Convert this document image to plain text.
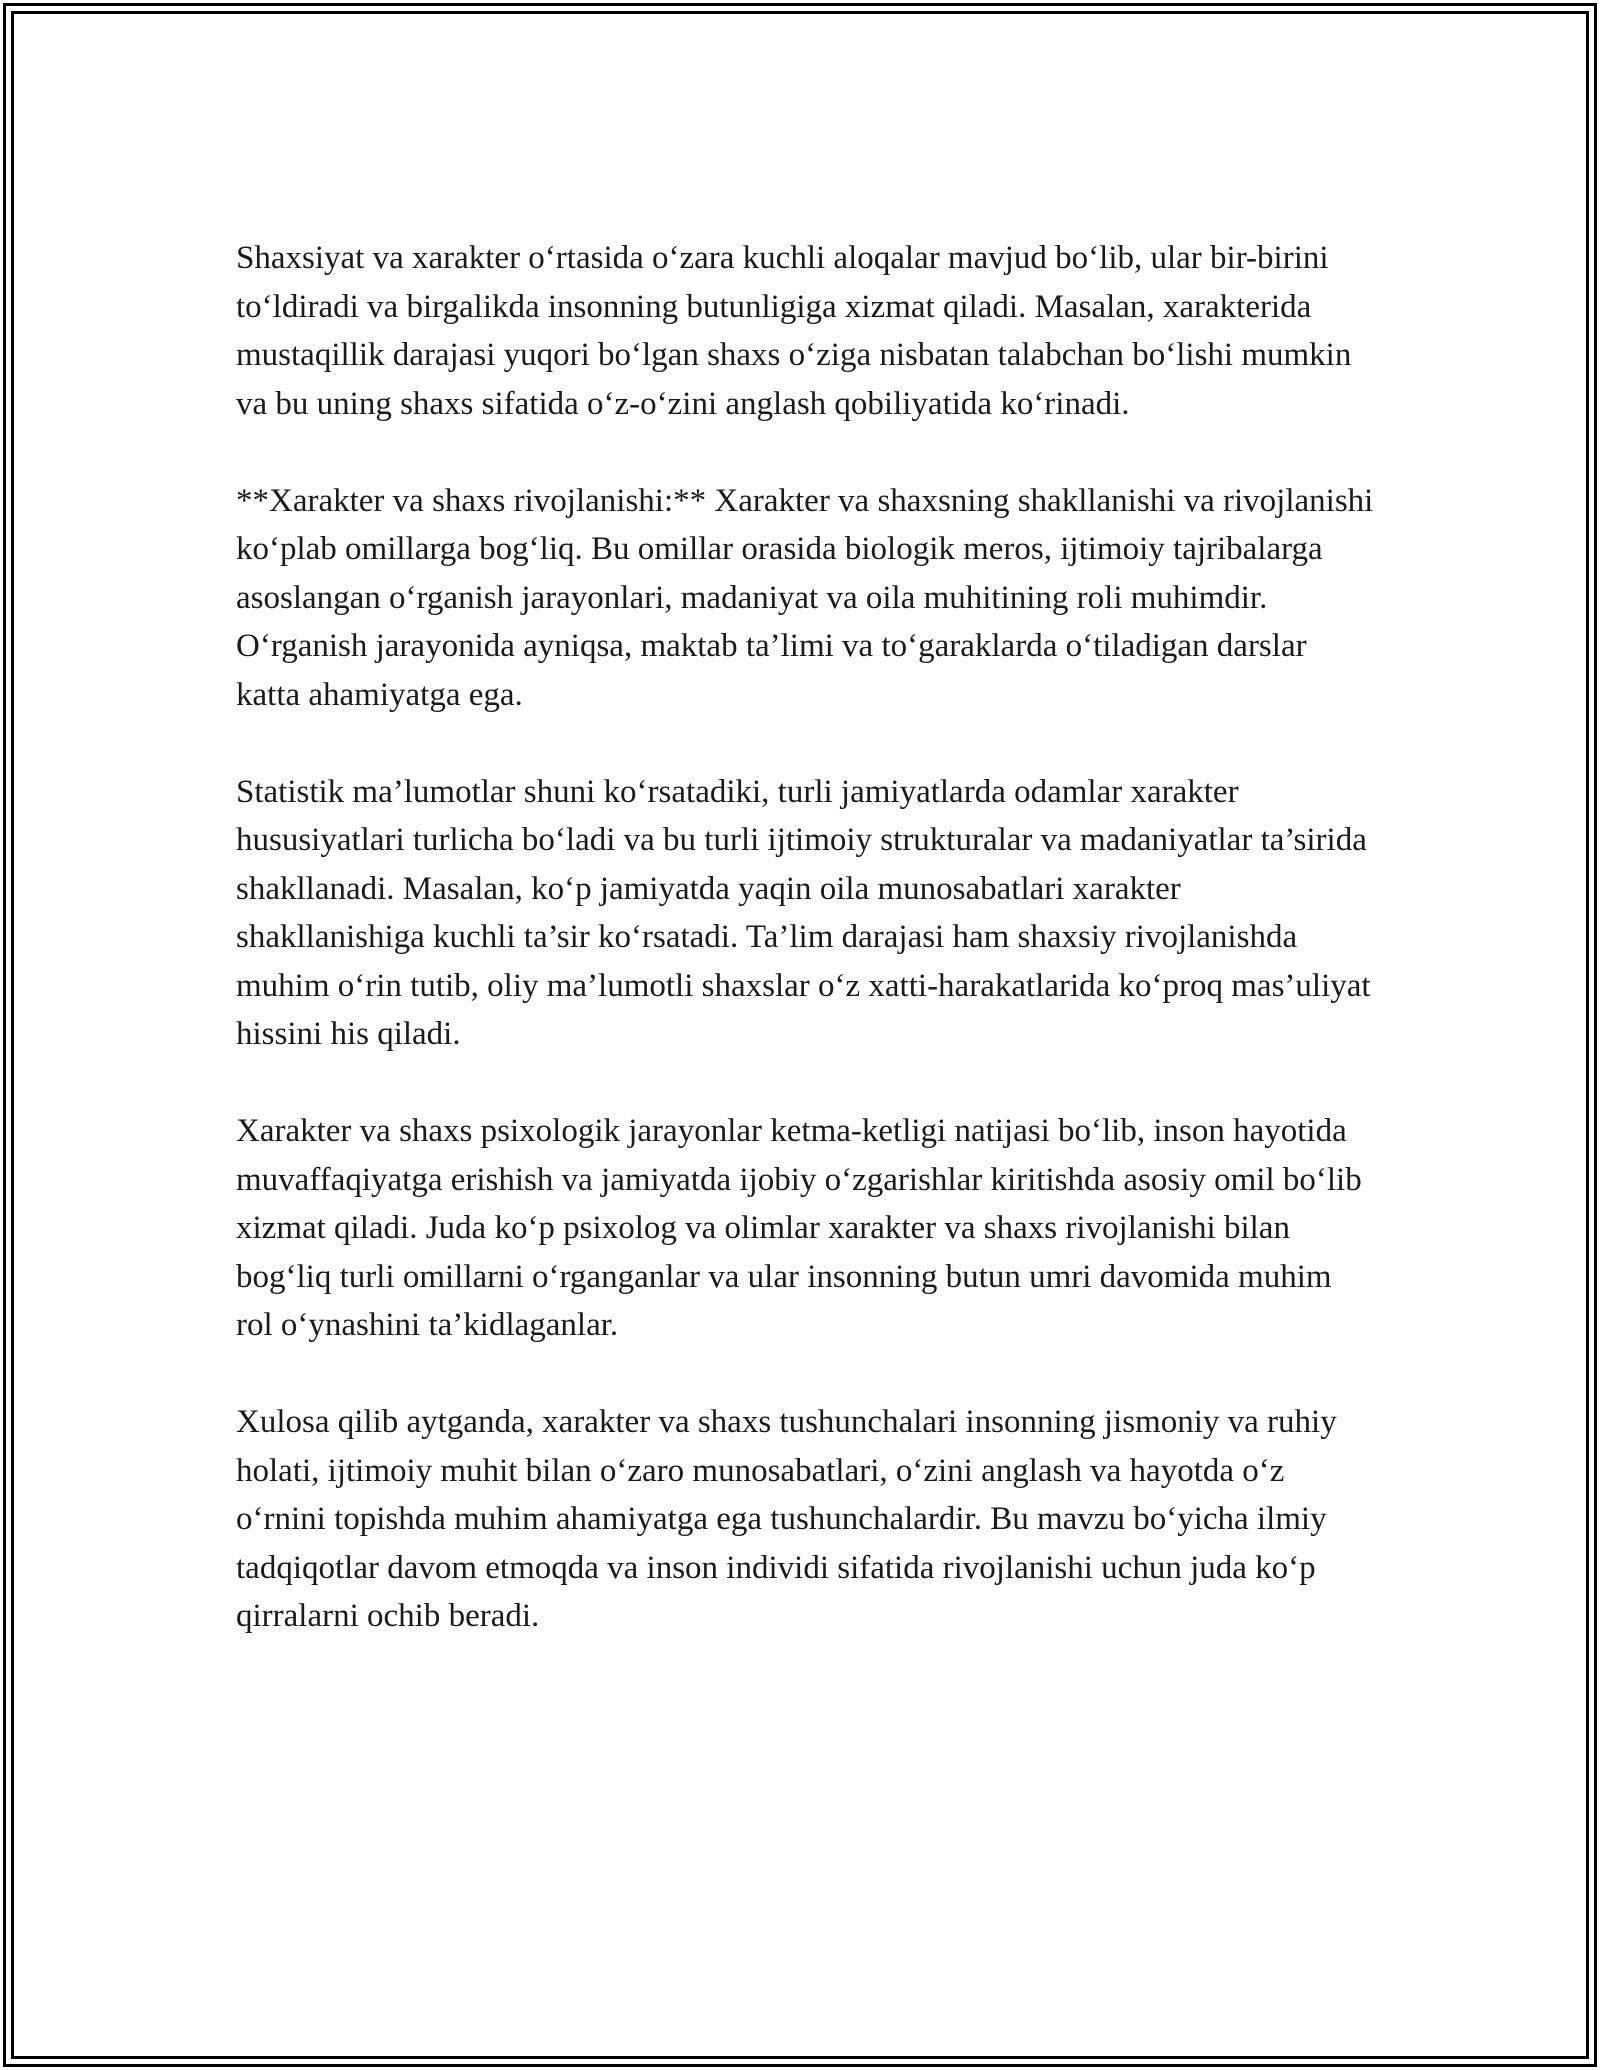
Shaxsiyat va xarakter o‘rtasida o‘zara kuchli aloqalar mavjud bo‘lib, ular bir-birini to‘ldiradi va birgalikda insonning butunligiga xizmat qiladi. Masalan, xarakterida mustaqillik darajasi yuqori bo‘lgan shaxs o‘ziga nisbatan talabchan bo‘lishi mumkin va bu uning shaxs sifatida o‘z-o‘zini anglash qobiliyatida ko‘rinadi.

**Xarakter va shaxs rivojlanishi:** Xarakter va shaxsning shakllanishi va rivojlanishi ko‘plab omillarga bog‘liq. Bu omillar orasida biologik meros, ijtimoiy tajribalarga asoslangan o‘rganish jarayonlari, madaniyat va oila muhitining roli muhimdir. O‘rganish jarayonida ayniqsa, maktab ta’limi va to‘garaklarda o‘tiladigan darslar katta ahamiyatga ega.

Statistik ma’lumotlar shuni ko‘rsatadiki, turli jamiyatlarda odamlar xarakter hususiyatlari turlicha bo‘ladi va bu turli ijtimoiy strukturalar va madaniyatlar ta’sirida shakllanadi. Masalan, ko‘p jamiyatda yaqin oila munosabatlari xarakter shakllanishiga kuchli ta’sir ko‘rsatadi. Ta’lim darajasi ham shaxsiy rivojlanishda muhim o‘rin tutib, oliy ma’lumotli shaxslar o‘z xatti-harakatlarida ko‘proq mas’uliyat hissini his qiladi.

Xarakter va shaxs psixologik jarayonlar ketma-ketligi natijasi bo‘lib, inson hayotida muvaffaqiyatga erishish va jamiyatda ijobiy o‘zgarishlar kiritishda asosiy omil bo‘lib xizmat qiladi. Juda ko‘p psixolog va olimlar xarakter va shaxs rivojlanishi bilan bog‘liq turli omillarni o‘rganganlar va ular insonning butun umri davomida muhim rol o‘ynashini ta’kidlaganlar.

Xulosa qilib aytganda, xarakter va shaxs tushunchalari insonning jismoniy va ruhiy holati, ijtimoiy muhit bilan o‘zaro munosabatlari, o‘zini anglash va hayotda o‘z o‘rnini topishda muhim ahamiyatga ega tushunchalardir. Bu mavzu bo‘yicha ilmiy tadqiqotlar davom etmoqda va inson individi sifatida rivojlanishi uchun juda ko‘p qirralarni ochib beradi.
